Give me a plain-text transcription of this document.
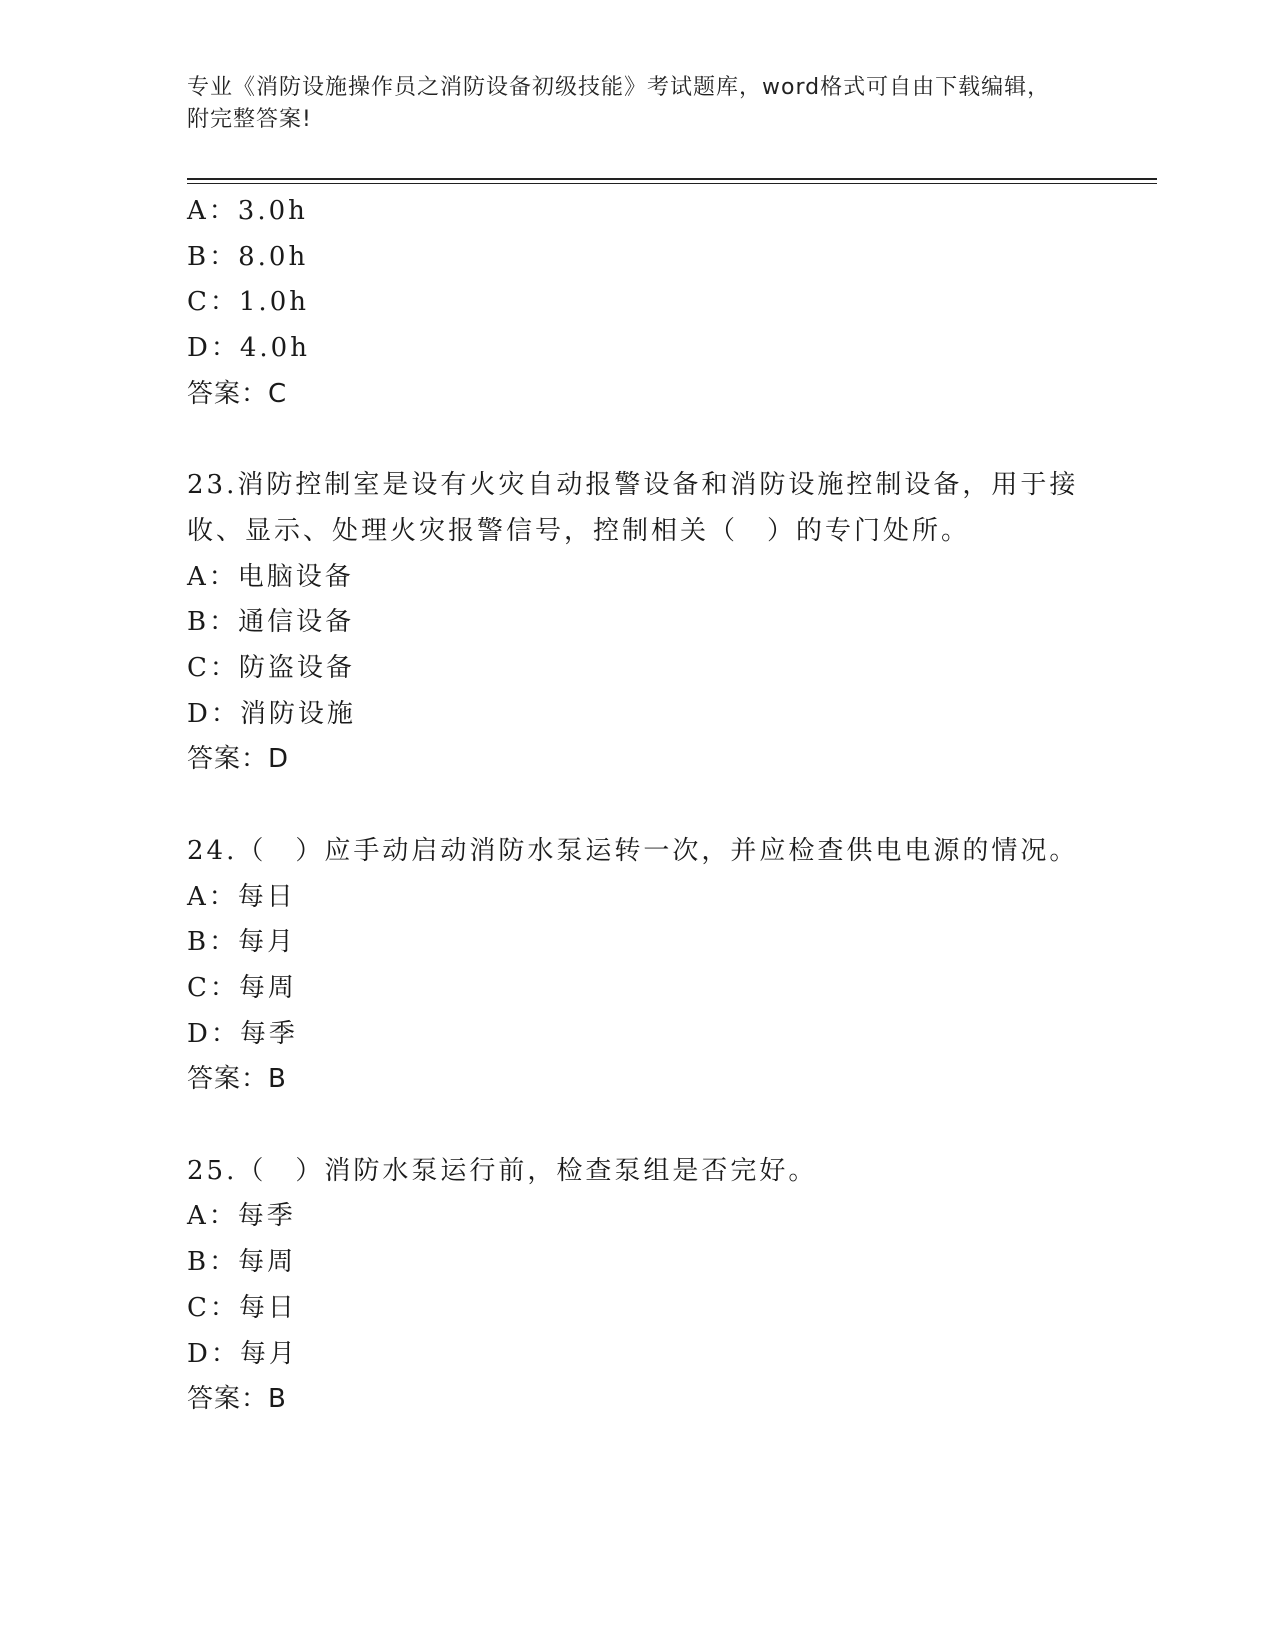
专业《消防设施操作员之消防设备初级技能》考试题库，word格式可自由下载编辑，附完整答案!

A：3.0h

B：8.0h

C：1.0h

D：4.0h

答案：C

23.消防控制室是设有火灾自动报警设备和消防设施控制设备，用于接收、显示、处理火灾报警信号，控制相关（　）的专门处所。

A：电脑设备

B：通信设备

C：防盗设备

D：消防设施

答案：D

24.（　）应手动启动消防水泵运转一次，并应检查供电电源的情况。

A：每日

B：每月

C：每周

D：每季

答案：B

25.（　）消防水泵运行前，检查泵组是否完好。

A：每季

B：每周

C：每日

D：每月

答案：B
